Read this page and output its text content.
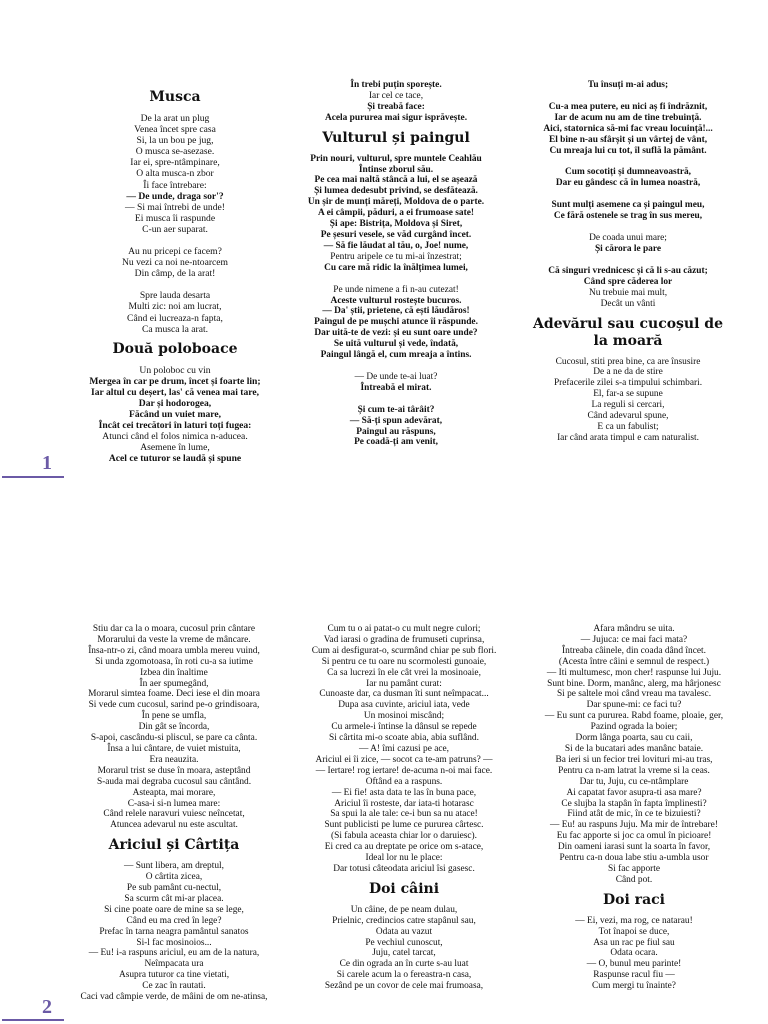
Musca
De la arat un plug
Venea încet spre casa
Si, la un bou pe jug,
O musca se-asezase.
Iar ei, spre-ntâmpinare,
O alta musca-n zbor
Îi face întrebare:
— De unde, draga sor'?
— Si mai întrebi de unde!
Ei musca îi raspunde
C-un aer suparat.
Au nu pricepi ce facem?
Nu vezi ca noi ne-ntoarcem
Din câmp, de la arat!
Spre lauda desarta
Multi zic: noi am lucrat,
Când ei lucreaza-n fapta,
Ca musca la arat.
Două poloboace
Un poloboc cu vin
Mergea în car pe drum, încet și foarte lin;
Iar altul cu deșert, las' că venea mai tare,
Dar și hodorogea,
Făcând un vuiet mare,
Încât cei trecători în laturi toți fugea:
Atunci când el folos nimica n-aducea.
Asemene în lume,
Acel ce tuturor se laudă și spune
În trebi puțin sporește.
Iar cel ce tace,
Și treabă face:
Acela pururea mai sigur isprăvește.
Vulturul și paingul
Prin nouri, vulturul, spre muntele Ceahlău
Întinse zborul său.
Pe cea mai naltă stâncă a lui, el se așează
Și lumea dedesubt privind, se desfătează.
Un șir de munți măreți, Moldova de o parte.
A ei câmpii, păduri, a ei frumoase sate!
Și ape: Bistrița, Moldova și Siret,
Pe șesuri vesele, se văd curgând încet.
— Să fie lăudat al tău, o, Joe! nume,
Pentru aripele ce tu mi-ai înzestrat;
Cu care mă ridic la înălțimea lumei,
Pe unde nimene a fi n-au cutezat!
Aceste vulturul rostește bucuros.
— Da' știi, prietene, că ești lăudăros!
Paingul de pe mușchi atunce îi răspunde.
Dar uită-te de vezi: și eu sunt oare unde?
Se uită vulturul și vede, îndată,
Paingul lângă el, cum mreaja a întins.
— De unde te-ai luat?
Întreabă el mirat.
Și cum te-ai târâit?
— Să-ți spun adevărat,
Paingul au răspuns,
Pe coadă-ți am venit,
Tu însuți m-ai adus;
Cu-a mea putere, eu nici aș fi îndrăznit,
Iar de acum nu am de tine trebuință.
Aici, statornica să-mi fac vreau locuință!...
El bine n-au sfârșit și un vârtej de vânt,
Cu mreaja lui cu tot, îl suflă la pământ.
Cum socotiți și dumneavoastră,
Dar eu gândesc că în lumea noastră,
Sunt mulți asemene ca și paingul meu,
Ce fără ostenele se trag în sus mereu,
De coada unui mare;
Și cărora le pare
Că singuri vrednicesc și că li s-au căzut;
Când spre căderea lor
Nu trebuie mai mult,
Decât un vânti
Adevărul sau cucoșul de la moară
Cucosul, stiti prea bine, ca are însusire
De a ne da de stire
Prefacerile zilei s-a timpului schimbari.
El, far-a se supune
La reguli si cercari,
Când adevarul spune,
E ca un fabulist;
Iar când arata timpul e cam naturalist.
1
Stiu dar ca la o moara, cucosul prin cântare
Morarului da veste la vreme de mâncare.
Însa-ntr-o zi, când moara umbla mereu vuind,
Si unda zgomotoasa, în roti cu-a sa iutime
Izbea din înaltime
În aer spumegând,
Morarul simtea foame. Deci iese el din moara
Si vede cum cucosul, sarind pe-o grindisoara,
În pene se umfla,
Din gât se încorda,
S-apoi, cascându-si pliscul, se pare ca cânta.
Însa a lui cântare, de vuiet mistuita,
Era neauzita.
Morarul trist se duse în moara, asteptând
S-auda mai degraba cucosul sau cântând.
Asteapta, mai morare,
C-asa-i si-n lumea mare:
Când relele naravuri vuiesc neîncetat,
Atuncea adevarul nu este ascultat.
Ariciul și Cârtița
— Sunt libera, am dreptul,
O cârtita zicea,
Pe sub pamânt cu-nectul,
Sa scurm cât mi-ar placea.
Si cine poate oare de mine sa se lege,
Când eu ma cred în lege?
Prefac în tarna neagra pamântul sanatos
Si-l fac mosinoios...
— Eu! i-a raspuns ariciul, eu am de la natura,
Neîmpacata ura
Asupra tuturor ca tine vietati,
Ce zac în rautati.
Caci vad câmpie verde, de mâini de om ne-atinsa,
Cum tu o ai patat-o cu mult negre culori;
Vad iarasi o gradina de frumuseti cuprinsa,
Cum ai desfigurat-o, scurmând chiar pe sub flori.
Si pentru ce tu oare nu scormolesti gunoaie,
Ca sa lucrezi în ele cât vrei la mosinoaie,
Iar nu pamânt curat:
Cunoaste dar, ca dusman îti sunt neîmpacat...
Dupa asa cuvinte, ariciul iata, vede
Un mosinoi miscând;
Cu armele-i întinse la dânsul se repede
Si cârtita mi-o scoate abia, abia suflând.
— A! îmi cazusi pe ace,
Ariciul ei îi zice, — socot ca te-am patruns? —
— Iertare! rog iertare! de-acuma n-oi mai face.
Oftând ea a raspuns.
— Ei fie! asta data te las în buna pace,
Ariciul îi rosteste, dar iata-ti hotarasc
Sa spui la ale tale: ce-i bun sa nu atace!
Sunt publicisti pe lume ce pururea cârtesc.
(Si fabula aceasta chiar lor o daruiesc).
Ei cred ca au dreptate pe orice om s-atace,
Ideal lor nu le place:
Dar totusi câteodata ariciul îsi gasesc.
Doi câini
Un câine, de pe neam dulau,
Prielnic, credincios catre stapânul sau,
Odata au vazut
Pe vechiul cunoscut,
Juju, catel tarcat,
Ce din ograda an în curte s-au luat
Si carele acum la o fereastra-n casa,
Sezând pe un covor de cele mai frumoasa,
Afara mândru se uita.
— Jujuca: ce mai faci mata?
Întreaba câinele, din coada dând încet.
(Acesta între câini e semnul de respect.)
— Iti multumesc, mon cher! raspunse lui Juju.
Sunt bine. Dorm, manânc, alerg, ma hârjonesc
Si pe saltele moi când vreau ma tavalesc.
Dar spune-mi: ce faci tu?
— Eu sunt ca pururea. Rabd foame, ploaie, ger,
Pazind ograda la boier;
Dorm lânga poarta, sau cu caii,
Si de la bucatari ades manânc bataie.
Ba ieri si un fecior trei lovituri mi-au tras,
Pentru ca n-am latrat la vreme si la ceas.
Dar tu, Juju, cu ce-ntâmplare
Ai capatat favor asupra-ti asa mare?
Ce slujba la stapân în fapta împlinesti?
Fiind atât de mic, în ce te bizuiesti?
— Eu! au raspuns Juju. Ma mir de întrebare!
Eu fac apporte si joc ca omul în picioare!
Din oameni iarasi sunt la soarta în favor,
Pentru ca-n doua labe stiu a-umbla usor
Si fac apporte
Când pot.
Doi raci
— Ei, vezi, ma rog, ce natarau!
Tot înapoi se duce,
Asa un rac pe fiul sau
Odata ocara.
— O, bunul meu parinte!
Raspunse racul fiu —
Cum mergi tu înainte?
2
